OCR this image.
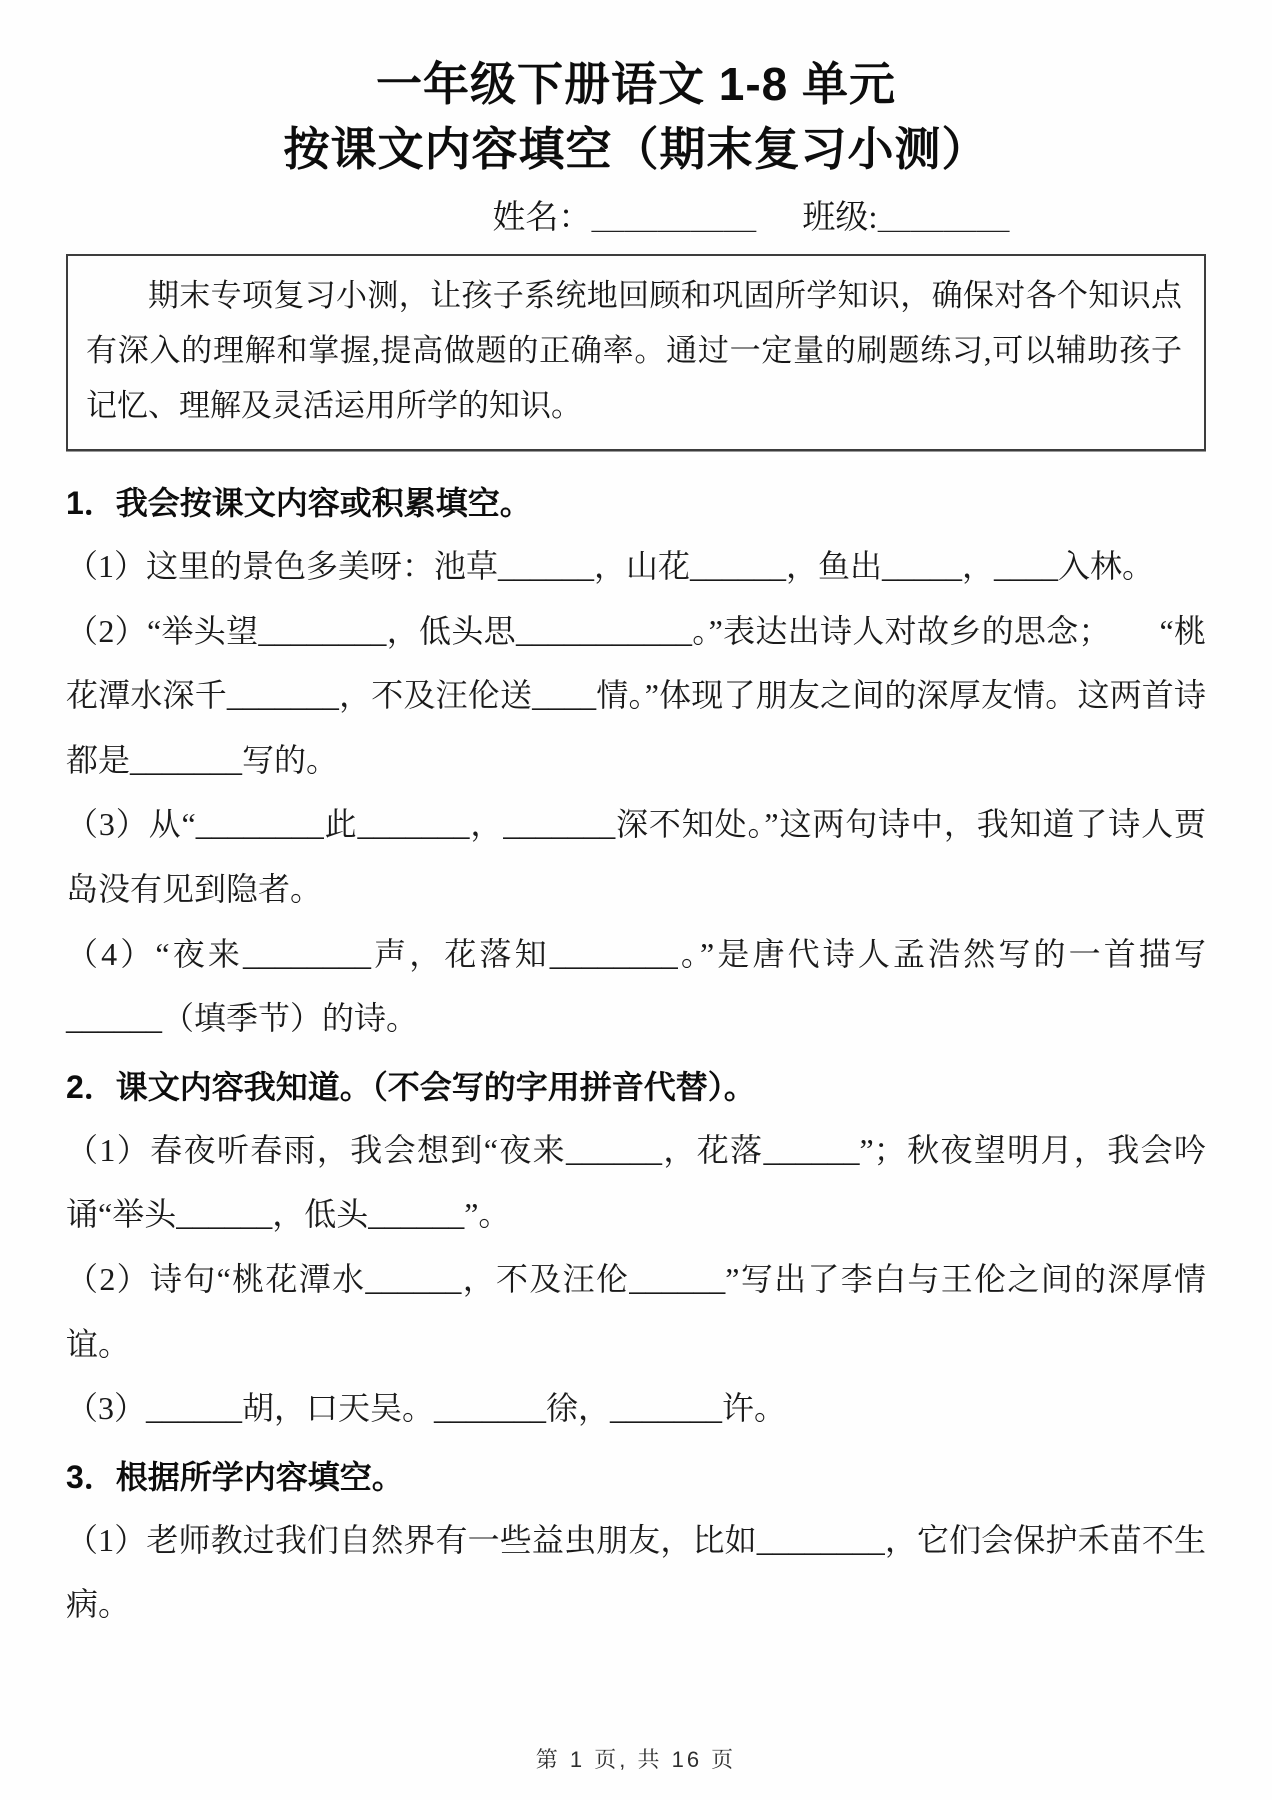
一年级下册语文 1-8 单元
按课文内容填空（期末复习小测）
姓名：＿＿＿＿＿ 班级:＿＿＿＿

期末专项复习小测，让孩子系统地回顾和巩固所学知识，确保对各个知识点有深入的理解和掌握,提高做题的正确率。通过一定量的刷题练习,可以辅助孩子记忆、理解及灵活运用所学的知识。

1．我会按课文内容或积累填空。

（1）这里的景色多美呀：池草______，山花______，鱼出_____，____入林。

（2）“举头望________，低头思___________。”表达出诗人对故乡的思念；　　“桃花潭水深千_______，不及汪伦送____情。”体现了朋友之间的深厚友情。这两首诗都是_______写的。

（3）从“________此_______，_______深不知处。”这两句诗中，我知道了诗人贾岛没有见到隐者。

（4）“夜来________声，花落知________。”是唐代诗人孟浩然写的一首描写______（填季节）的诗。

2．课文内容我知道。（不会写的字用拼音代替）。

（1）春夜听春雨，我会想到“夜来______，花落______”；秋夜望明月，我会吟诵“举头______，低头______”。

（2）诗句“桃花潭水______，不及汪伦______”写出了李白与王伦之间的深厚情谊。

（3）______胡，口天吴。_______徐，_______许。

3．根据所学内容填空。

（1）老师教过我们自然界有一些益虫朋友，比如________，它们会保护禾苗不生病。

第 1 页, 共 16 页
